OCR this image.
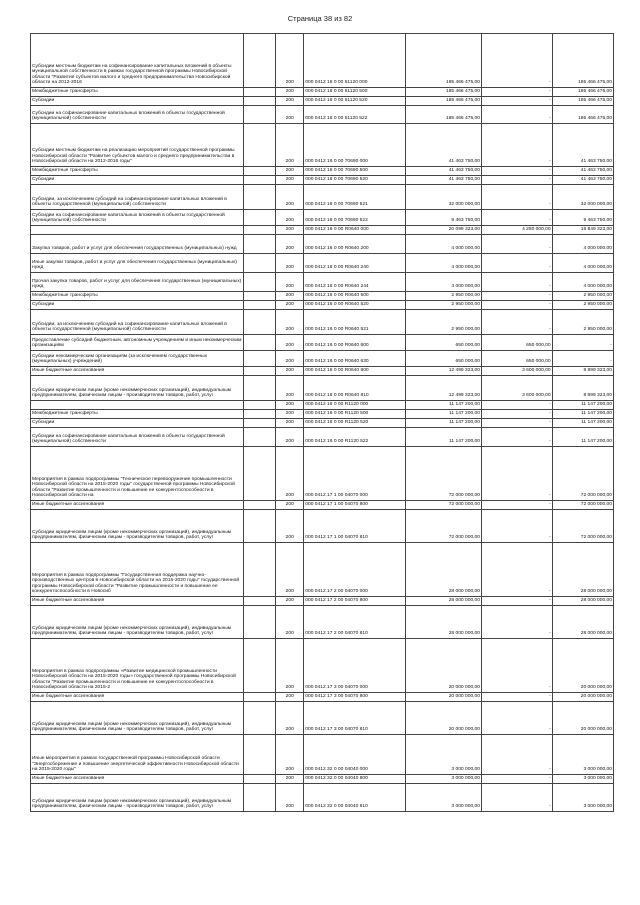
Страница 38 из 82
Субсидии местным бюджетам на софинансирование капитальных вложений в объекты муниципальной собственности в рамках государственной программы Новосибирской области "Развитие субъектов малого и среднего предпринимательства Новосибирской области на 2012-2016		200	000 0412 16 0 00 51120 000	185 466 475,00	-	185 466 475,00
Межбюджетные трансферты		200	000 0412 16 0 00 51120 500	185 466 475,00	-	185 466 475,00
Субсидии		200	000 0412 16 0 00 51120 520	185 466 475,00	-	185 466 475,00
Субсидии на софинансирование капитальных вложений в объекты государственной (муниципальной) собственности		200	000 0412 16 0 00 51120 522	185 466 475,00	-	185 466 475,00
Субсидии местным бюджетам на реализацию мероприятий государственной программы Новосибирской области "Развитие субъектов малого и среднего предпринимательства в Новосибирской области на 2012-2016 годы"		200	000 0412 16 0 00 70690 000	41 463 750,00	-	41 463 750,00
Межбюджетные трансферты		200	000 0412 16 0 00 70690 500	41 463 750,00	-	41 463 750,00
Субсидии		200	000 0412 16 0 00 70690 520	41 463 750,00	-	41 463 750,00
Субсидии, за исключением субсидий на софинансирование капитальных вложений в объекты государственной (муниципальной) собственности		200	000 0412 16 0 00 70690 521	32 000 000,00	-	32 000 000,00
Субсидии на софинансирование капитальных вложений в объекты государственной (муниципальной) собственности		200	000 0412 16 0 00 70690 522	9 463 750,00	-	9 463 750,00
		200	000 0412 16 0 00 R0640 000	20 099 323,00	4 250 000,00	15 849 323,00
Закупка товаров, работ и услуг для обеспечения государственных (муниципальных) нужд		200	000 0412 16 0 00 R0640 200	4 000 000,00	-	4 000 000,00
Иные закупки товаров, работ и услуг для обеспечения государственных (муниципальных) нужд		200	000 0412 16 0 00 R0640 240	4 000 000,00	-	4 000 000,00
Прочая закупка товаров, работ и услуг для обеспечения государственных (муниципальных) нужд		200	000 0412 16 0 00 R0640 244	4 000 000,00	-	4 000 000,00
Межбюджетные трансферты		200	000 0412 16 0 00 R0640 500	2 950 000,00	-	2 950 000,00
Субсидии		200	000 0412 16 0 00 R0640 520	2 950 000,00	-	2 950 000,00
Субсидии, за исключением субсидий на софинансирование капитальных вложений в объекты государственной (муниципальной) собственности		200	000 0412 16 0 00 R0640 521	2 950 000,00	-	2 950 000,00
Предоставление субсидий бюджетным, автономным учреждениям и иным некоммерческим организациям		200	000 0412 16 0 00 R0640 600	650 000,00	650 000,00	-
Субсидии некоммерческим организациям (за исключением государственных (муниципальных) учреждений)		200	000 0412 16 0 00 R0640 630	650 000,00	650 000,00	-
Иные бюджетные ассигнования		200	000 0412 16 0 00 R0640 800	12 499 323,00	3 600 000,00	8 899 323,00
Субсидии юридическим лицам (кроме некоммерческих организаций), индивидуальным предпринимателям, физическим лицам - производителям товаров, работ, услуг		200	000 0412 16 0 00 R0640 810	12 499 323,00	3 600 000,00	8 899 323,00
		200	000 0412 16 0 00 R1120 000	11 147 200,00	-	11 147 200,00
Межбюджетные трансферты		200	000 0412 16 0 00 R1120 500	11 147 200,00	-	11 147 200,00
Субсидии		200	000 0412 16 0 00 R1120 520	11 147 200,00	-	11 147 200,00
Субсидии на софинансирование капитальных вложений в объекты государственной (муниципальной) собственности		200	000 0412 16 0 00 R1120 522	11 147 200,00	-	11 147 200,00
Мероприятия в рамках подпрограммы "Техническое перевооружение промышленности Новосибирской области на 2015-2020 годы" государственной программы Новосибирской области "Развитие промышленности и повышение ее конкурентоспособности в Новосибирской области на		200	000 0412 17 1 00 04070 000	72 000 000,00	-	72 000 000,00
Иные бюджетные ассигнования		200	000 0412 17 1 00 04070 800	72 000 000,00	-	72 000 000,00
Субсидии юридическим лицам (кроме некоммерческих организаций), индивидуальным предпринимателям, физическим лицам - производителям товаров, работ, услуг		200	000 0412 17 1 00 04070 810	72 000 000,00	-	72 000 000,00
Мероприятия в рамках подпрограммы "Государственная поддержка научно-производственных центров в Новосибирской области на 2015-2020 годы" государственной программы Новосибирской области "Развитие промышленности и повышение ее конкурентоспособности в Новосиб		200	000 0412 17 2 00 04070 000	28 000 000,00	-	28 000 000,00
Иные бюджетные ассигнования		200	000 0412 17 2 00 04070 800	28 000 000,00	-	28 000 000,00
Субсидии юридическим лицам (кроме некоммерческих организаций), индивидуальным предпринимателям, физическим лицам - производителям товаров, работ, услуг		200	000 0412 17 2 00 04070 810	28 000 000,00	-	28 000 000,00
Мероприятия в рамках подпрограммы «Развитие медицинской промышленности Новосибирской области на 2015-2020 годы» государственной программы Новосибирской области "Развитие промышленности и повышение ее конкурентоспособности в Новосибирской области на 2015-2		200	000 0412 17 3 00 04070 000	20 000 000,00	-	20 000 000,00
Иные бюджетные ассигнования		200	000 0412 17 3 00 04070 800	20 000 000,00	-	20 000 000,00
Субсидии юридическим лицам (кроме некоммерческих организаций), индивидуальным предпринимателям, физическим лицам - производителям товаров, работ, услуг		200	000 0412 17 3 00 04070 810	20 000 000,00	-	20 000 000,00
Иные мероприятия в рамках государственной программы Новосибирской области "Энергосбережение и повышение энергетической эффективности Новосибирской области на 2015-2020 годы"		200	000 0412 32 0 00 04040 000	3 000 000,00	-	3 000 000,00
Иные бюджетные ассигнования		200	000 0412 32 0 00 04040 800	3 000 000,00	-	3 000 000,00
Субсидии юридическим лицам (кроме некоммерческих организаций), индивидуальным предпринимателям, физическим лицам - производителям товаров, работ, услуг		200	000 0412 32 0 00 04040 810	3 000 000,00	-	3 000 000,00
